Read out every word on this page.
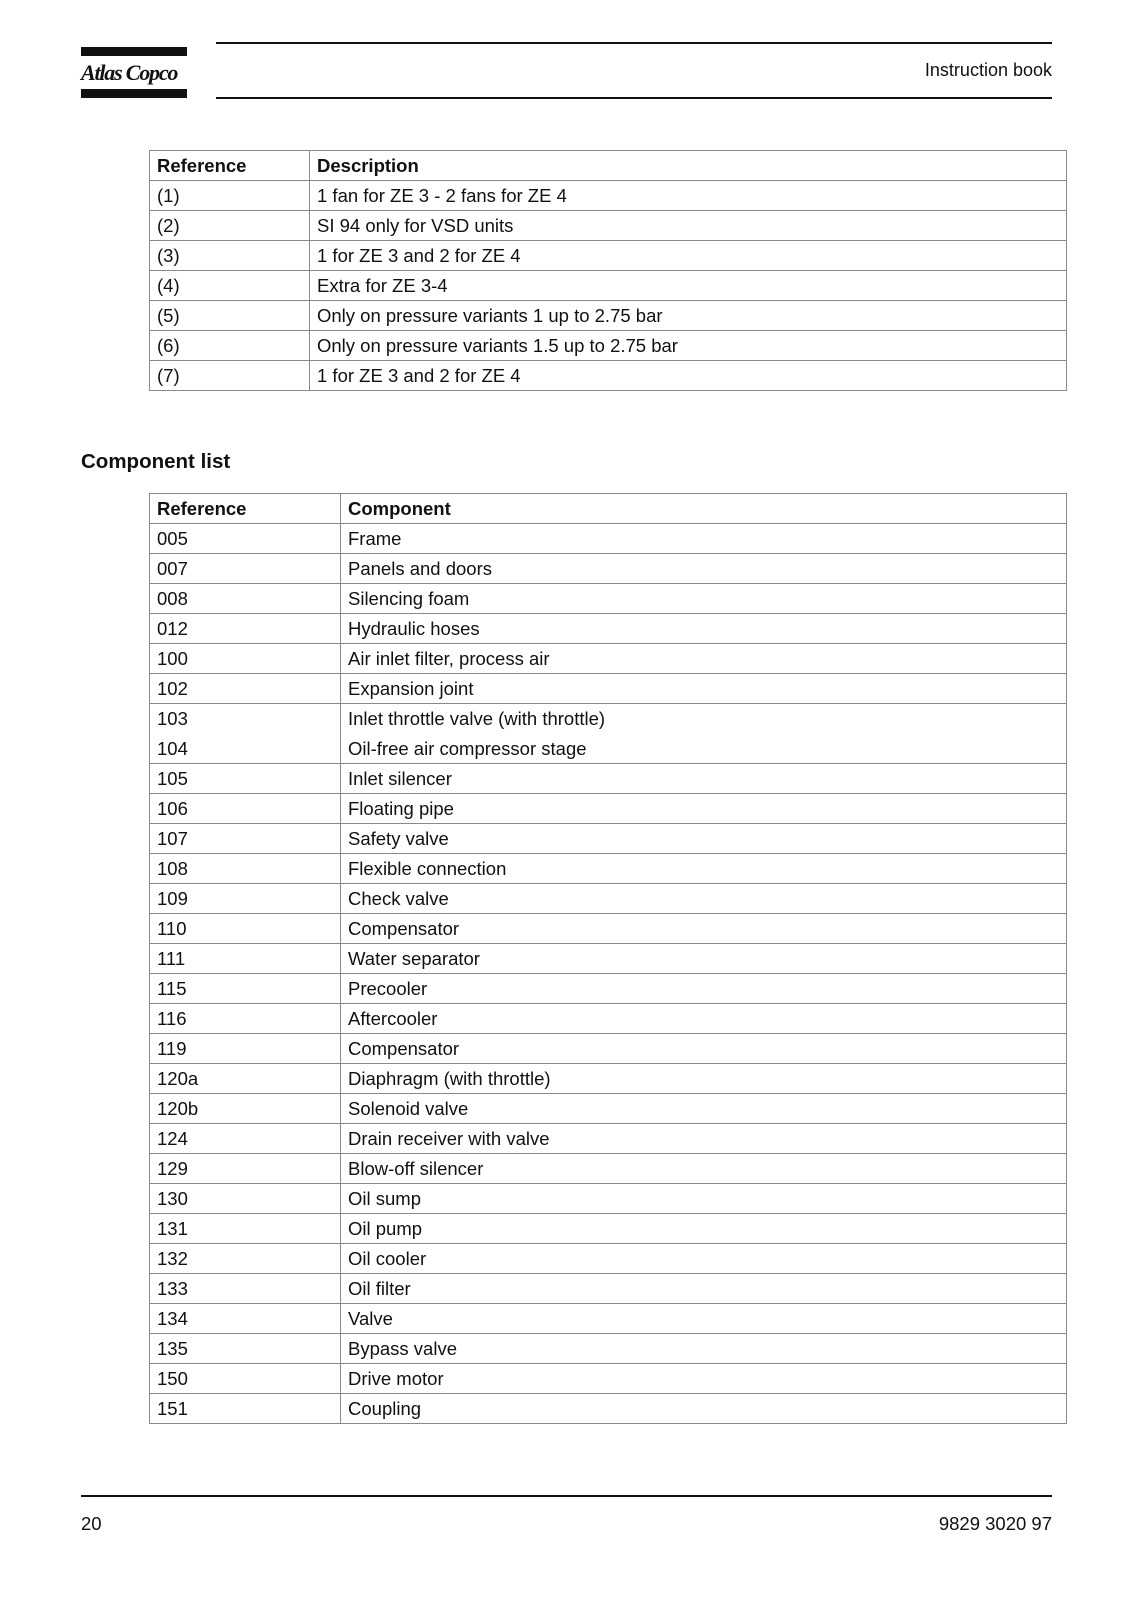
Atlas Copco	Instruction book
Reference	Description
(1)	1 fan for ZE 3 - 2 fans for ZE 4
(2)	SI 94 only for VSD units
(3)	1 for ZE 3 and 2 for ZE 4
(4)	Extra for ZE 3-4
(5)	Only on pressure variants 1 up to 2.75 bar
(6)	Only on pressure variants 1.5 up to 2.75 bar
(7)	1 for ZE 3 and 2 for ZE 4
Component list
Reference	Component
005	Frame
007	Panels and doors
008	Silencing foam
012	Hydraulic hoses
100	Air inlet filter, process air
102	Expansion joint
103	Inlet throttle valve (with throttle)
104	Oil-free air compressor stage
105	Inlet silencer
106	Floating pipe
107	Safety valve
108	Flexible connection
109	Check valve
110	Compensator
111	Water separator
115	Precooler
116	Aftercooler
119	Compensator
120a	Diaphragm (with throttle)
120b	Solenoid valve
124	Drain receiver with valve
129	Blow-off silencer
130	Oil sump
131	Oil pump
132	Oil cooler
133	Oil filter
134	Valve
135	Bypass valve
150	Drive motor
151	Coupling
20	9829 3020 97
